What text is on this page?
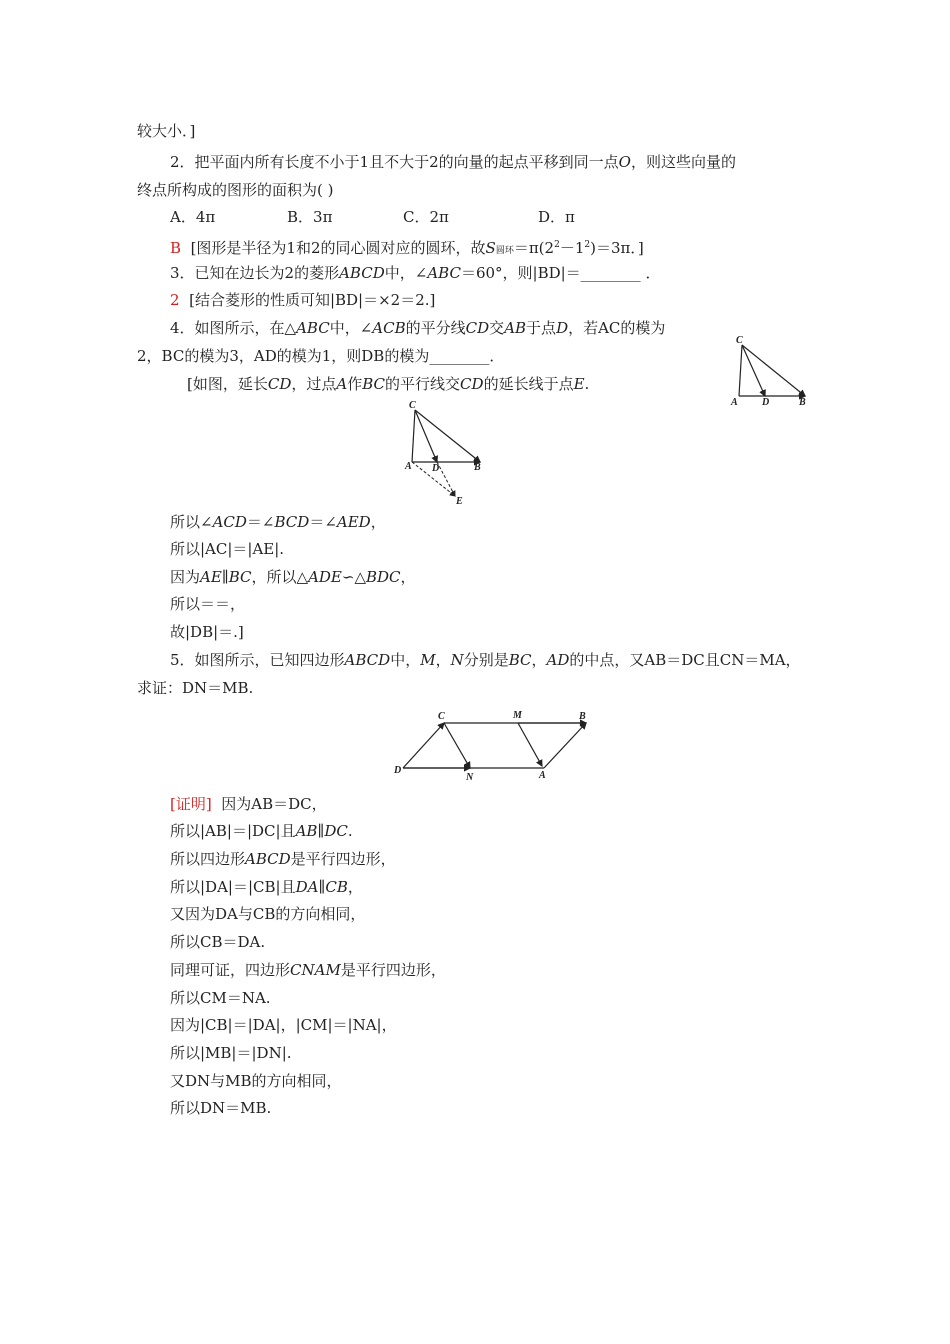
较大小．]
2．把平面内所有长度不小于1且不大于2的向量的起点平移到同一点O，则这些向量的
终点所构成的图形的面积为( )
A．4π	B．3π	C．2π	D．π
B [图形是半径为1和2的同心圆对应的圆环，故S圆环$=\pi(2^2-1^2)=3\pi$．]
3．已知在边长为2的菱形ABCD中，∠ABC＝60°，则|BD|＝________ ．
2 [结合菱形的性质可知|BD|＝×2＝2.]
4．如图所示，在△ABC中，∠ACB的平分线CD交AB于点D，若AC的模为
2，BC的模为3，AD的模为1，则DB的模为________．
[如图，延长CD，过点A作BC的平行线交CD的延长线于点E.
C
A D	B
C
A D	B
E
所以∠ACD＝∠BCD＝∠AED，
所以|AC|＝|AE|.
因为AE∥BC，所以△ADE∽△BDC，
所以＝＝，
故|DB|＝.]
5．如图所示，已知四边形ABCD中，M，N分别是BC，AD的中点，又AB＝DC且CN＝MA，
求证：DN＝MB.
C	M	B
D
N	A
[证明] 因为AB＝DC，
所以|AB|＝|DC|且AB∥DC.
所以四边形ABCD是平行四边形，
所以|DA|＝|CB|且DA∥CB，
又因为DA与CB的方向相同，
所以CB＝DA.
同理可证，四边形CNAM是平行四边形，
所以CM＝NA.
因为|CB|＝|DA|，|CM|＝|NA|，
所以|MB|＝|DN|.
又DN与MB的方向相同，
所以DN＝MB.
